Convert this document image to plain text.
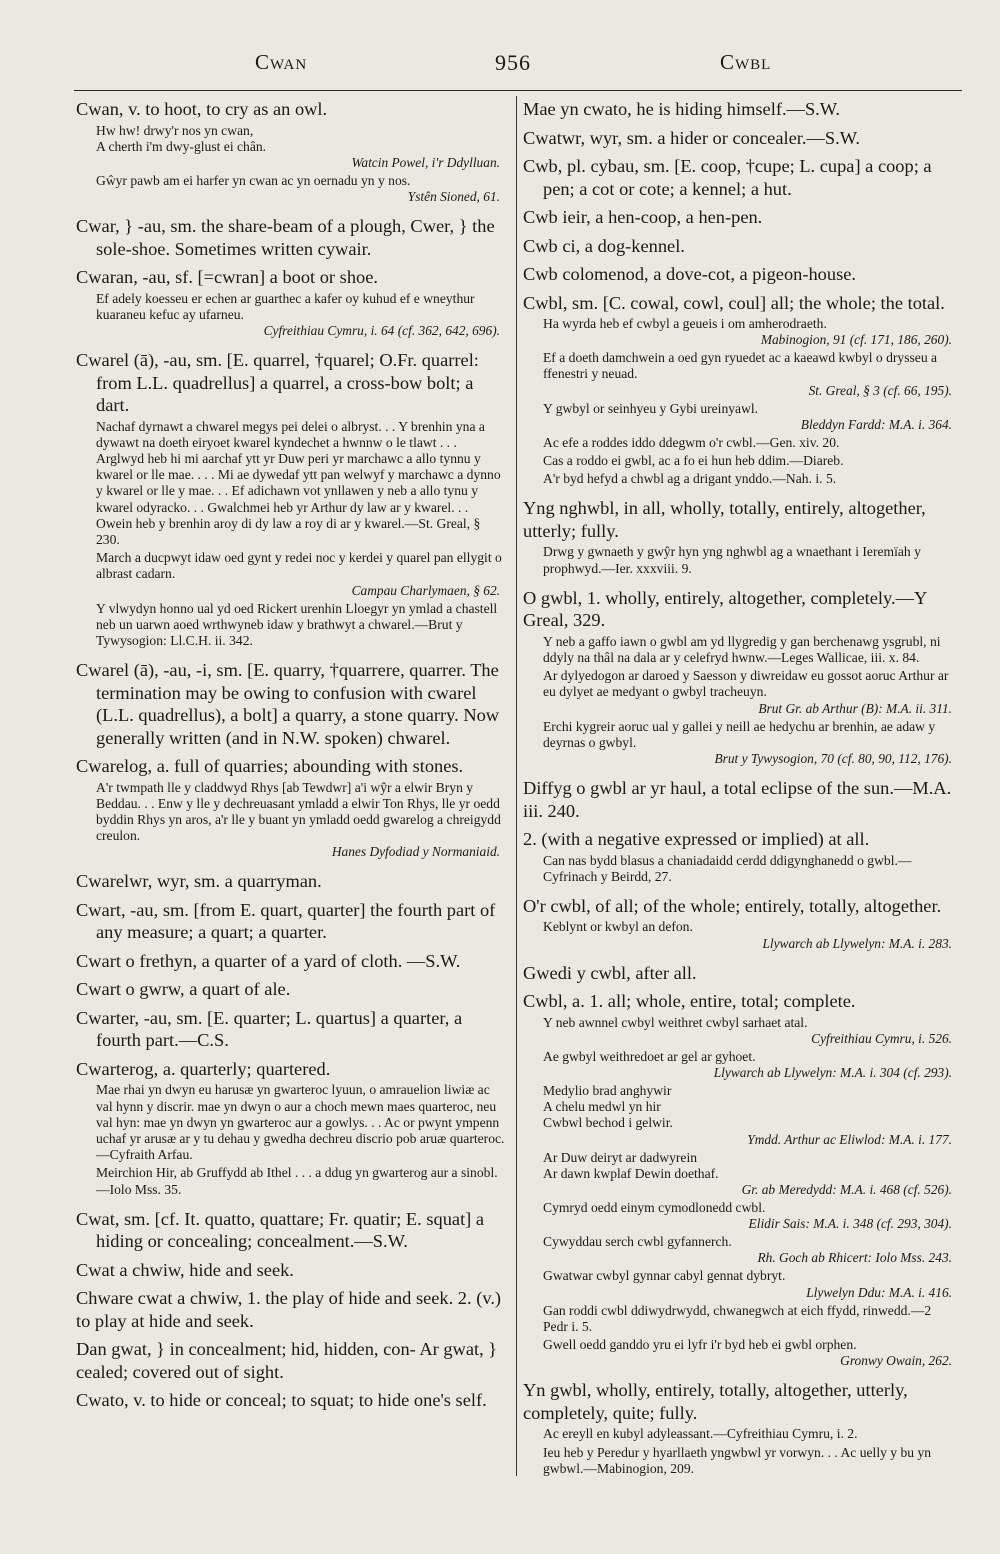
Cwan	956	Cwbl

Cwan, v. to hoot, to cry as an owl.

Hw hw! drwy'r nos yn cwan,
A cherth i'm dwy-glust ei chân.
Watcin Powel, i'r Ddylluan.
Gŵyr pawb am ei harfer yn cwan ac yn oernadu yn y nos.
Ystên Sioned, 61.

Cwar, } -au, sm. the share-beam of a plough, Cwer, } the sole-shoe. Sometimes written cywair.

Cwaran, -au, sf. [=cwran] a boot or shoe.

Ef adely koesseu er echen ar guarthec a kafer oy kuhud ef e wneythur kuaraneu kefuc ay ufarneu.
Cyfreithiau Cymru, i. 64 (cf. 362, 642, 696).

Cwarel (ā), -au, sm. [E. quarrel, †quarel; O.Fr. quarrel: from L.L. quadrellus] a quarrel, a cross-bow bolt; a dart.

Nachaf dyrnawt a chwarel megys pei delei o albryst. . . Y brenhin yna a dywawt na doeth eiryoet kwarel kyndechet a hwnnw o le tlawt . . . Arglwyd heb hi mi aarchaf ytt yr Duw peri yr marchawc a allo tynnu y kwarel or lle mae. . . . Mi ae dywedaf ytt pan welwyf y marchawc a dynno y kwarel or lle y mae. . . Ef adichawn vot ynllawen y neb a allo tynu y kwarel odyracko. . . Gwalchmei heb yr Arthur dy law ar y kwarel. . . Owein heb y brenhin aroy di dy law a roy di ar y kwarel.—St. Greal, § 230.
March a ducpwyt idaw oed gynt y redei noc y kerdei y quarel pan ellygit o albrast cadarn.
Campau Charlymaen, § 62.
Y vlwydyn honno ual yd oed Rickert urenhin Lloegyr yn ymlad a chastell neb un uarwn aoed wrthwyneb idaw y brathwyt a chwarel.—Brut y Tywysogion: Ll.C.H. ii. 342.

Cwarel (ā), -au, -i, sm. [E. quarry, †quarrere, quarrer. The termination may be owing to confusion with cwarel (L.L. quadrellus), a bolt] a quarry, a stone quarry. Now generally written (and in N.W. spoken) chwarel.

Cwarelog, a. full of quarries; abounding with stones.

A'r twmpath lle y claddwyd Rhys [ab Tewdwr] a'i wŷr a elwir Bryn y Beddau. . . Enw y lle y dechreuasant ymladd a elwir Ton Rhys, lle yr oedd byddin Rhys yn aros, a'r lle y buant yn ymladd oedd gwarelog a chreigydd creulon.
Hanes Dyfodiad y Normaniaid.

Cwarelwr, wyr, sm. a quarryman.

Cwart, -au, sm. [from E. quart, quarter] the fourth part of any measure; a quart; a quarter.

Cwart o frethyn, a quarter of a yard of cloth. —S.W.

Cwart o gwrw, a quart of ale.

Cwarter, -au, sm. [E. quarter; L. quartus] a quarter, a fourth part.—C.S.

Cwarterog, a. quarterly; quartered.

Mae rhai yn dwyn eu harusæ yn gwarteroc lyuun, o amrauelion liwiæ ac val hynn y discrir. mae yn dwyn o aur a choch mewn maes quarteroc, neu val hyn: mae yn dwyn yn gwarteroc aur a gowlys. . . Ac or pwynt ympenn uchaf yr arusæ ar y tu dehau y gwedha dechreu discrio pob aruæ quarteroc.—Cyfraith Arfau.
Meirchion Hir, ab Gruffydd ab Ithel . . . a ddug yn gwarterog aur a sinobl.—Iolo Mss. 35.

Cwat, sm. [cf. It. quatto, quattare; Fr. quatir; E. squat] a hiding or concealing; concealment.—S.W.

Cwat a chwiw, hide and seek.

Chware cwat a chwiw, 1. the play of hide and seek. 2. (v.) to play at hide and seek.

Dan gwat, } in concealment; hid, hidden, con- Ar gwat, } cealed; covered out of sight.

Cwato, v. to hide or conceal; to squat; to hide one's self.

Mae yn cwato, he is hiding himself.—S.W.

Cwatwr, wyr, sm. a hider or concealer.—S.W.

Cwb, pl. cybau, sm. [E. coop, †cupe; L. cupa] a coop; a pen; a cot or cote; a kennel; a hut.

Cwb ieir, a hen-coop, a hen-pen.

Cwb ci, a dog-kennel.

Cwb colomenod, a dove-cot, a pigeon-house.

Cwbl, sm. [C. cowal, cowl, coul] all; the whole; the total.

Ha wyrda heb ef cwbyl a geueis i om amherodraeth.
Mabinogion, 91 (cf. 171, 186, 260).
Ef a doeth damchwein a oed gyn ryuedet ac a kaeawd kwbyl o drysseu a ffenestri y neuad.
St. Greal, § 3 (cf. 66, 195).
Y gwbyl or seinhyeu y Gybi ureinyawl.
Bleddyn Fardd: M.A. i. 364.
Ac efe a roddes iddo ddegwm o'r cwbl.—Gen. xiv. 20.
Cas a roddo ei gwbl, ac a fo ei hun heb ddim.—Diareb.
A'r byd hefyd a chwbl ag a drigant ynddo.—Nah. i. 5.

Yng nghwbl, in all, wholly, totally, entirely, altogether, utterly; fully.

Drwg y gwnaeth y gwŷr hyn yng nghwbl ag a wnaethant i Ieremïah y prophwyd.—Ier. xxxviii. 9.

O gwbl, 1. wholly, entirely, altogether, completely.—Y Greal, 329.

Y neb a gaffo iawn o gwbl am yd llygredig y gan berchenawg ysgrubl, ni ddyly na thâl na dala ar y celefryd hwnw.—Leges Wallicae, iii. x. 84.
Ar dylyedogon ar daroed y Saesson y diwreidaw eu gossot aoruc Arthur ar eu dylyet ae medyant o gwbyl tracheuyn.
Brut Gr. ab Arthur (B): M.A. ii. 311.
Erchi kygreir aoruc ual y gallei y neill ae hedychu ar brenhin, ae adaw y deyrnas o gwbyl.
Brut y Tywysogion, 70 (cf. 80, 90, 112, 176).

Diffyg o gwbl ar yr haul, a total eclipse of the sun.—M.A. iii. 240.

2. (with a negative expressed or implied) at all.

Can nas bydd blasus a chaniadaidd cerdd ddigynghanedd o gwbl.—Cyfrinach y Beirdd, 27.

O'r cwbl, of all; of the whole; entirely, totally, altogether.

Keblynt or kwbyl an defon.
Llywarch ab Llywelyn: M.A. i. 283.

Gwedi y cwbl, after all.

Cwbl, a. 1. all; whole, entire, total; complete.

Y neb awnnel cwbyl weithret cwbyl sarhaet atal.
Cyfreithiau Cymru, i. 526.
Ae gwbyl weithredoet ar gel ar gyhoet.
Llywarch ab Llywelyn: M.A. i. 304 (cf. 293).
Medylio brad anghywir
A chelu medwl yn hir
Cwbwl bechod i gelwir.
Ymdd. Arthur ac Eliwlod: M.A. i. 177.
Ar Duw deiryt ar dadwyrein
Ar dawn kwplaf Dewin doethaf.
Gr. ab Meredydd: M.A. i. 468 (cf. 526).
Cymryd oedd einym cymodlonedd cwbl.
Elidir Sais: M.A. i. 348 (cf. 293, 304).
Cywyddau serch cwbl gyfannerch.
Rh. Goch ab Rhicert: Iolo Mss. 243.
Gwatwar cwbyl gynnar cabyl gennat dybryt.
Llywelyn Ddu: M.A. i. 416.
Gan roddi cwbl ddiwydrwydd, chwanegwch at eich ffydd, rinwedd.—2 Pedr i. 5.
Gwell oedd ganddo yru ei lyfr i'r byd heb ei gwbl orphen.
Gronwy Owain, 262.

Yn gwbl, wholly, entirely, totally, altogether, utterly, completely, quite; fully.

Ac ereyll en kubyl adyleassant.—Cyfreithiau Cymru, i. 2.
Ieu heb y Peredur y hyarllaeth yngwbwl yr vorwyn. . . Ac uelly y bu yn gwbwl.—Mabinogion, 209.
